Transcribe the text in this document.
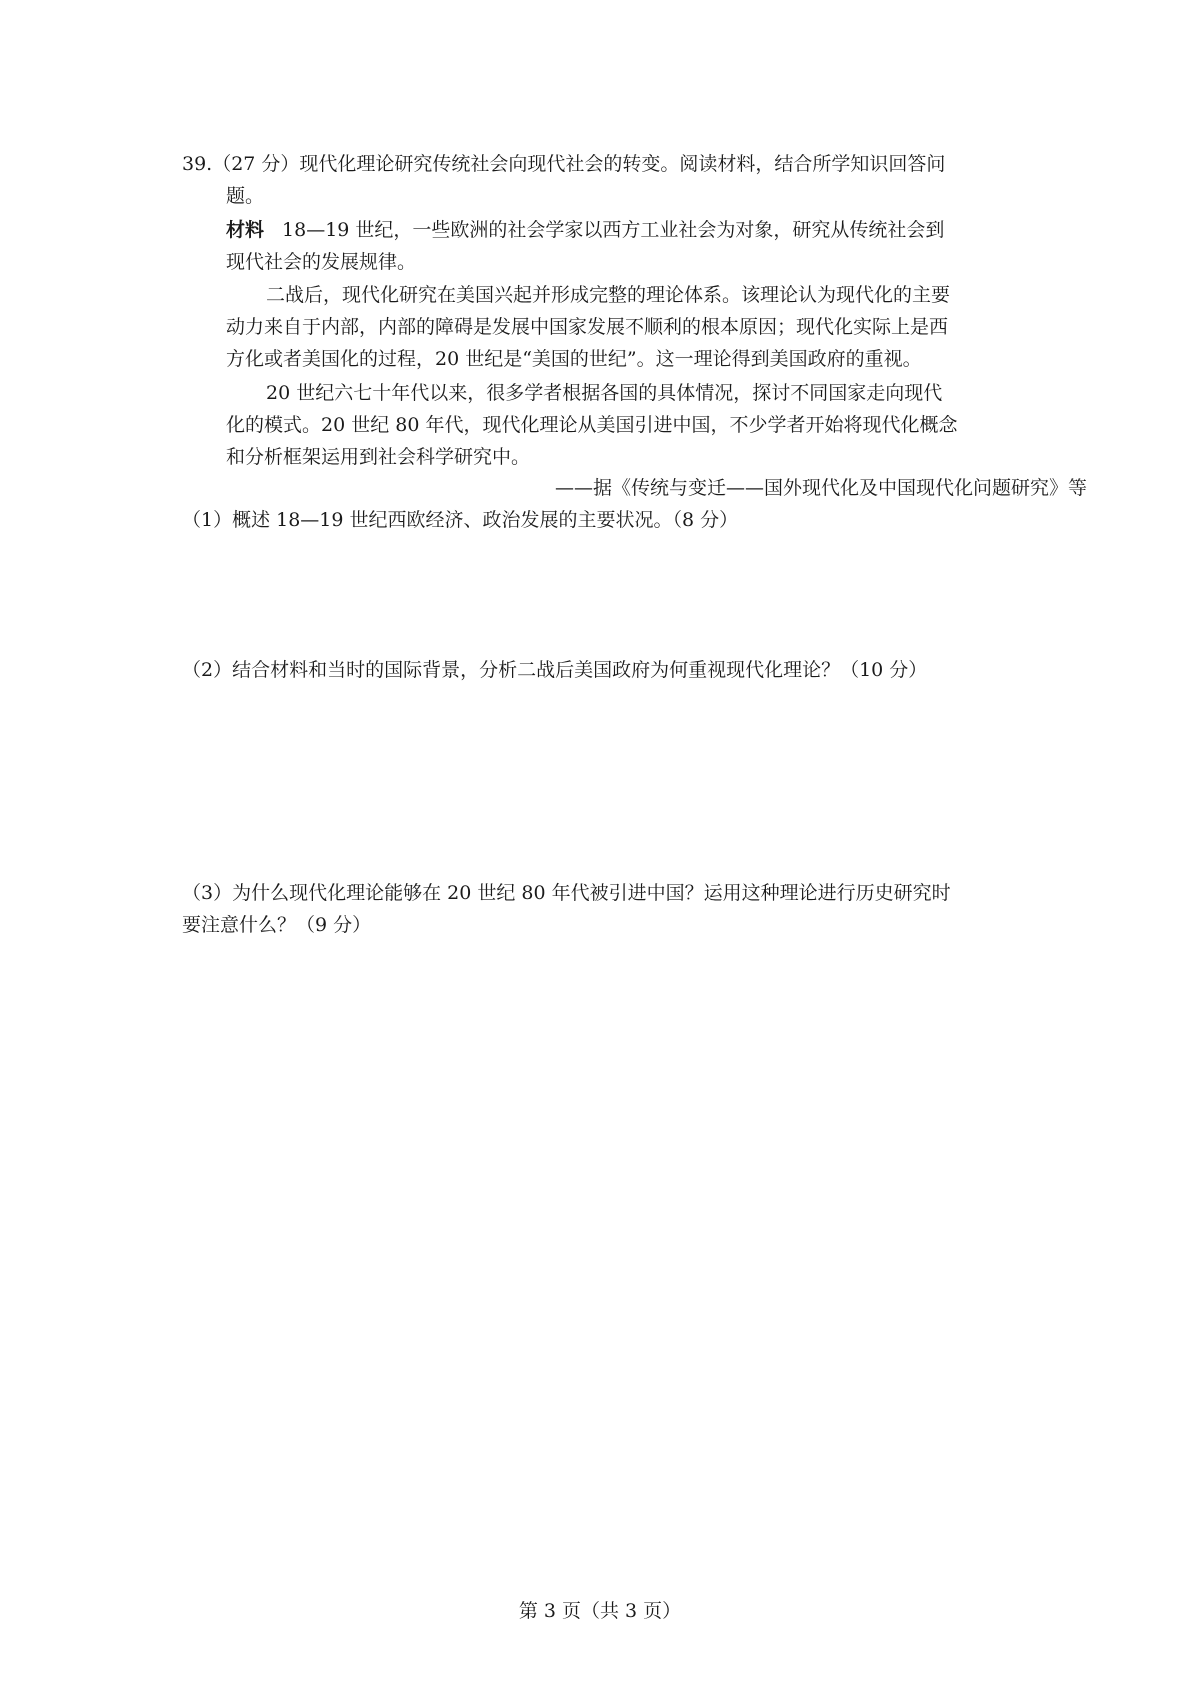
39.（27 分）现代化理论研究传统社会向现代社会的转变。阅读材料，结合所学知识回答问
题。
材料 18—19 世纪，一些欧洲的社会学家以西方工业社会为对象，研究从传统社会到
现代社会的发展规律。
二战后，现代化研究在美国兴起并形成完整的理论体系。该理论认为现代化的主要
动力来自于内部，内部的障碍是发展中国家发展不顺利的根本原因；现代化实际上是西
方化或者美国化的过程，20 世纪是“美国的世纪”。这一理论得到美国政府的重视。
20 世纪六七十年代以来，很多学者根据各国的具体情况，探讨不同国家走向现代
化的模式。20 世纪 80 年代，现代化理论从美国引进中国，不少学者开始将现代化概念
和分析框架运用到社会科学研究中。
——据《传统与变迁——国外现代化及中国现代化问题研究》等
（1）概述 18—19 世纪西欧经济、政治发展的主要状况。（8 分）
（2）结合材料和当时的国际背景，分析二战后美国政府为何重视现代化理论？（10 分）
（3）为什么现代化理论能够在 20 世纪 80 年代被引进中国？运用这种理论进行历史研究时
要注意什么？（9 分）
第 3 页（共 3 页）
